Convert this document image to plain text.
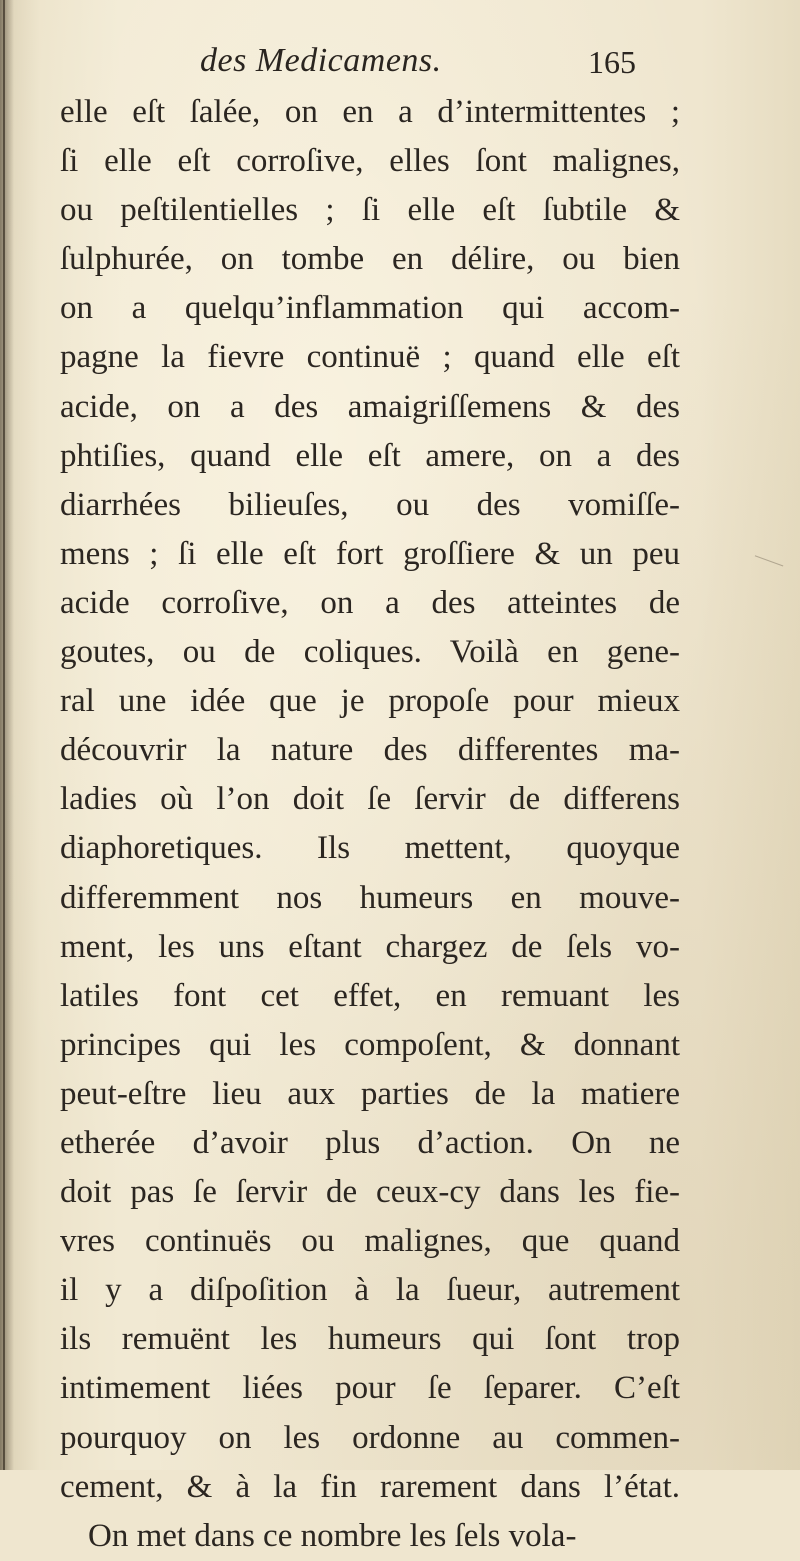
des Medicamens.	165
elle eſt ſalée, on en a d’intermittentes ;
ſi elle eſt corroſive, elles ſont malignes,
ou peſtilentielles ; ſi elle eſt ſubtile &
ſulphurée, on tombe en délire, ou bien
on a quelqu’inflammation qui accom-
pagne la fievre continuë ; quand elle eſt
acide, on a des amaigriſſemens & des
phtiſies, quand elle eſt amere, on a des
diarrhées bilieuſes, ou des vomiſſe-
mens ; ſi elle eſt fort groſſiere & un peu
acide corroſive, on a des atteintes de
goutes, ou de coliques. Voilà en gene-
ral une idée que je propoſe pour mieux
découvrir la nature des differentes ma-
ladies où l’on doit ſe ſervir de differens
diaphoretiques. Ils mettent, quoyque
differemment nos humeurs en mouve-
ment, les uns eſtant chargez de ſels vo-
latiles font cet effet, en remuant les
principes qui les compoſent, & donnant
peut-eſtre lieu aux parties de la matiere
etherée d’avoir plus d’action. On ne
doit pas ſe ſervir de ceux-cy dans les fie-
vres continuës ou malignes, que quand
il y a diſpoſition à la ſueur, autrement
ils remuënt les humeurs qui ſont trop
intimement liées pour ſe ſeparer. C’eſt
pourquoy on les ordonne au commen-
cement, & à la fin rarement dans l’état.
On met dans ce nombre les ſels vola-
